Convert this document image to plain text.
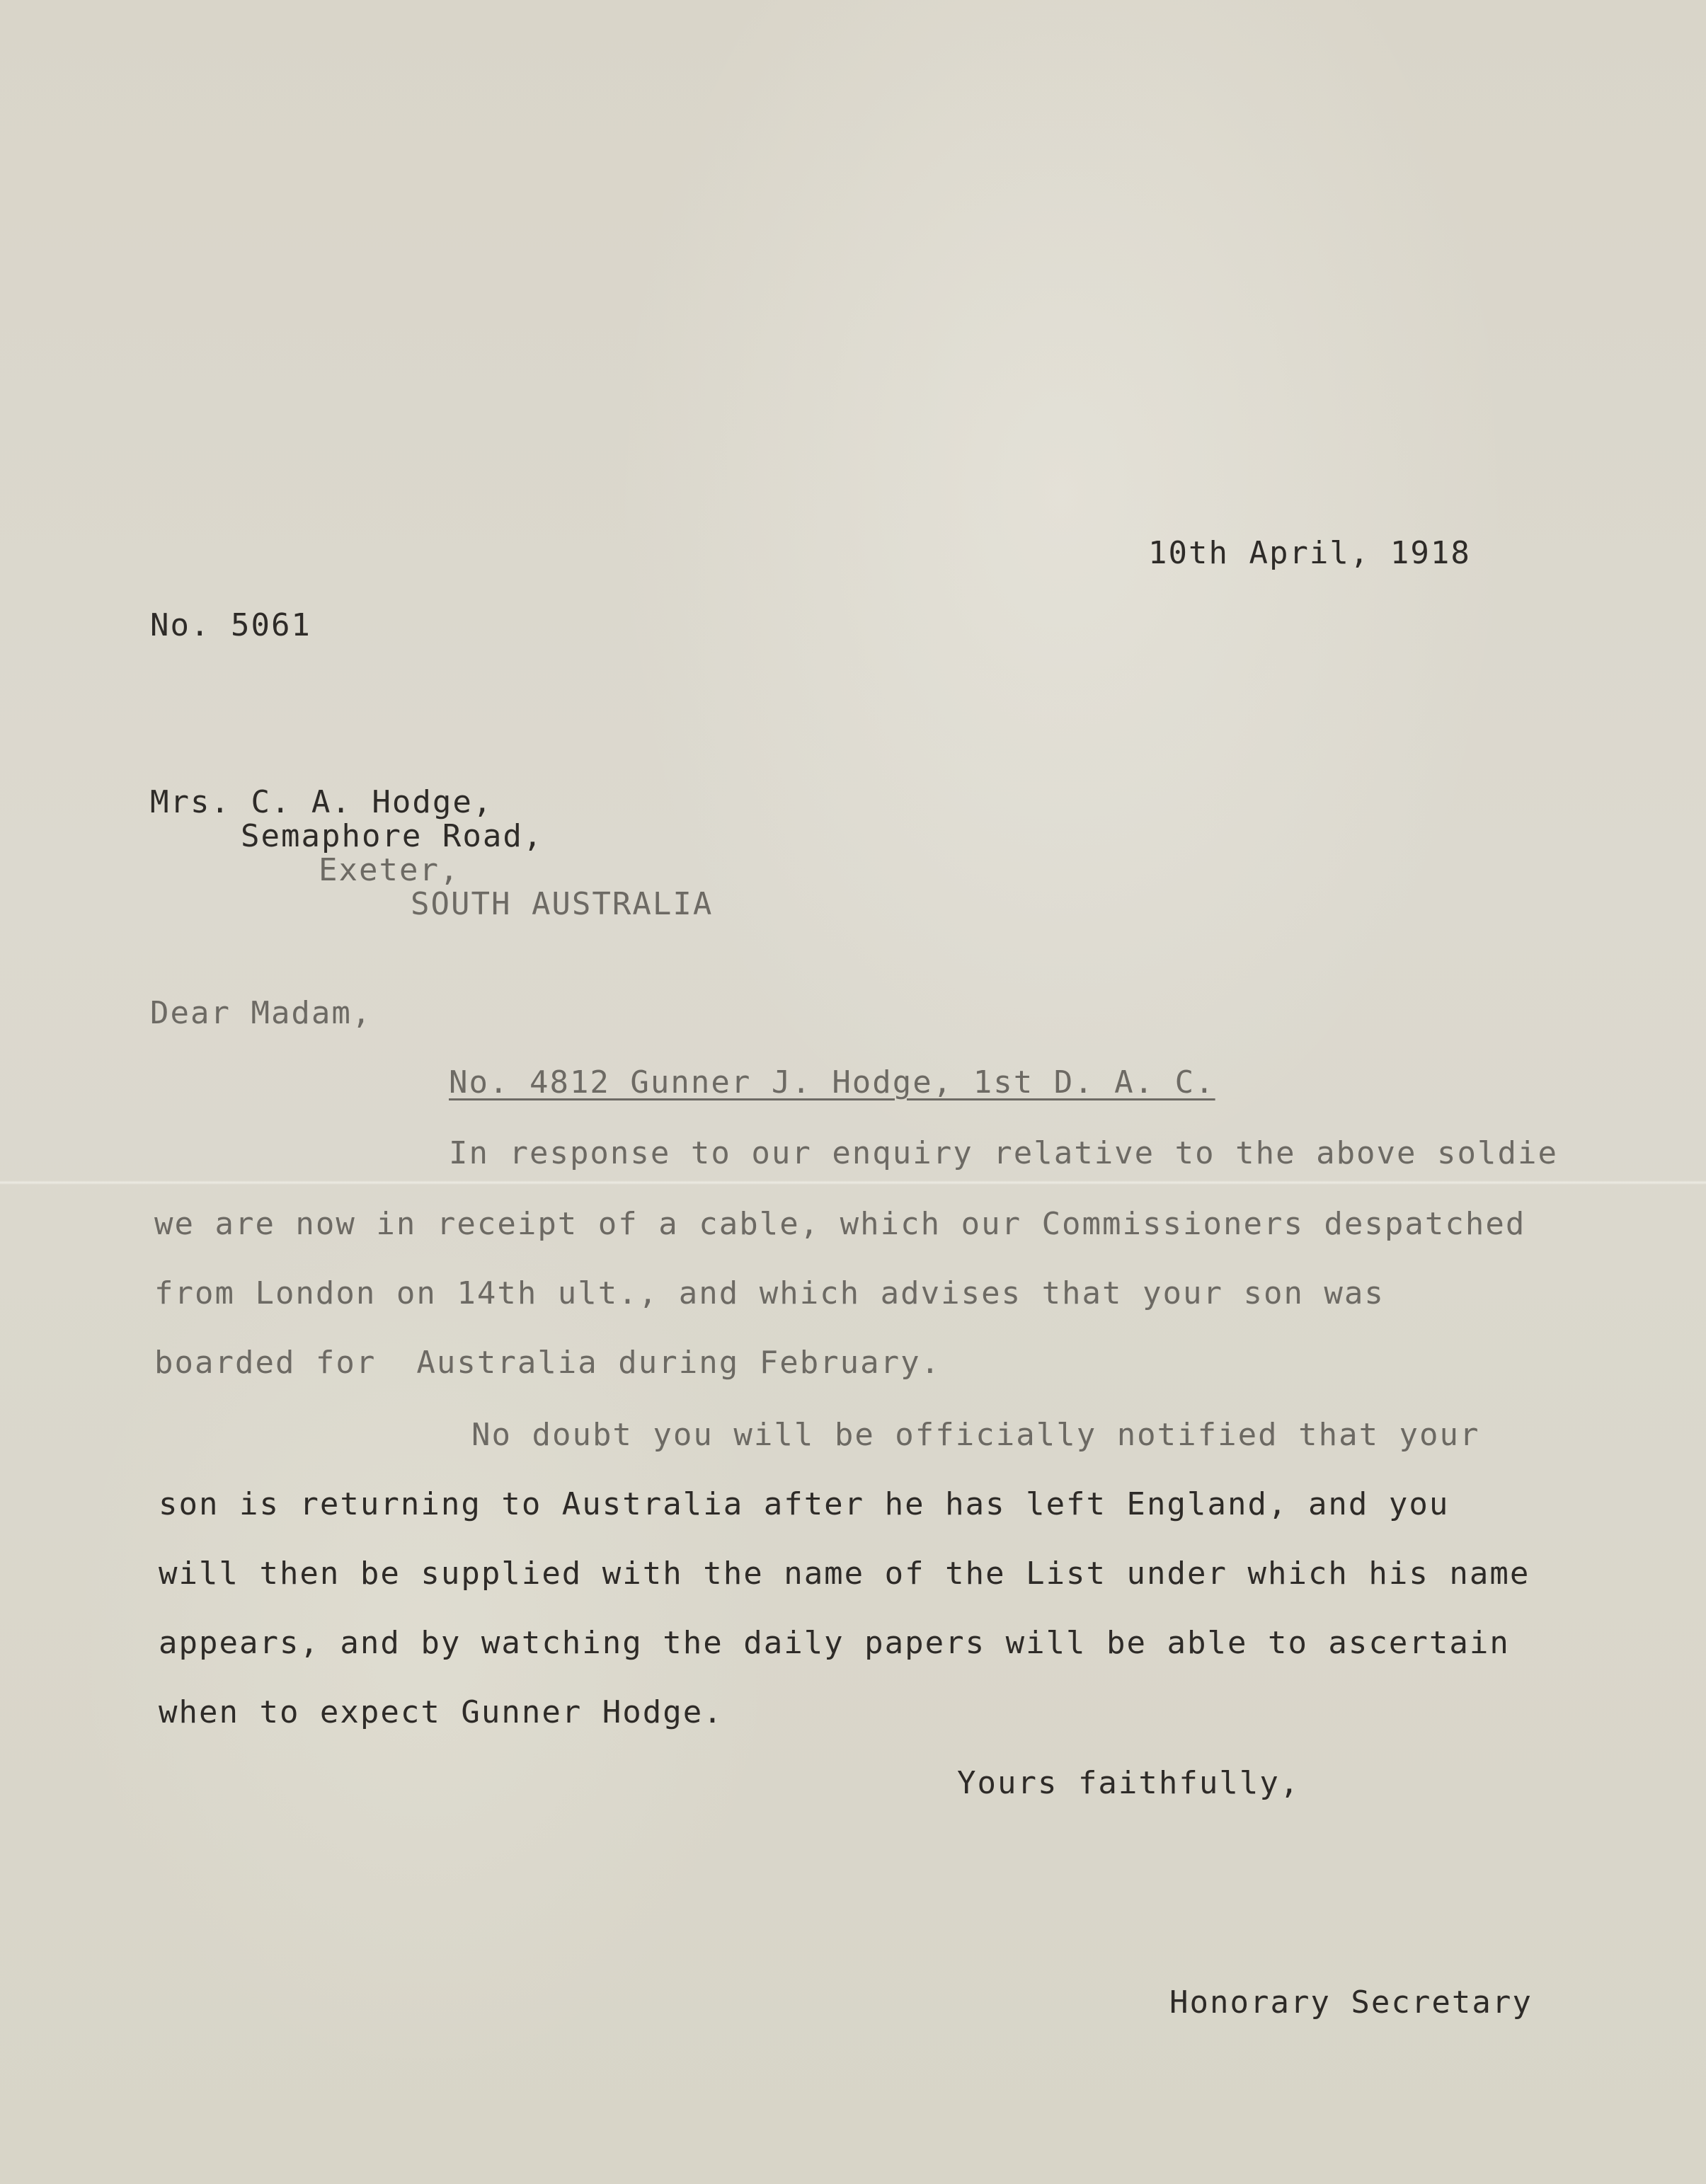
10th April, 1918
No. 5061
Mrs. C. A. Hodge,
Semaphore Road,
Exeter,
SOUTH AUSTRALIA
Dear Madam,
No. 4812 Gunner J. Hodge, 1st D. A. C.
In response to our enquiry relative to the above soldie
we are now in receipt of a cable, which our Commissioners despatched
from London on 14th ult., and which advises that your son was
boarded for  Australia during February.
No doubt you will be officially notified that your
son is returning to Australia after he has left England, and you
will then be supplied with the name of the List under which his name
appears, and by watching the daily papers will be able to ascertain
when to expect Gunner Hodge.
Yours faithfully,
Honorary Secretary
